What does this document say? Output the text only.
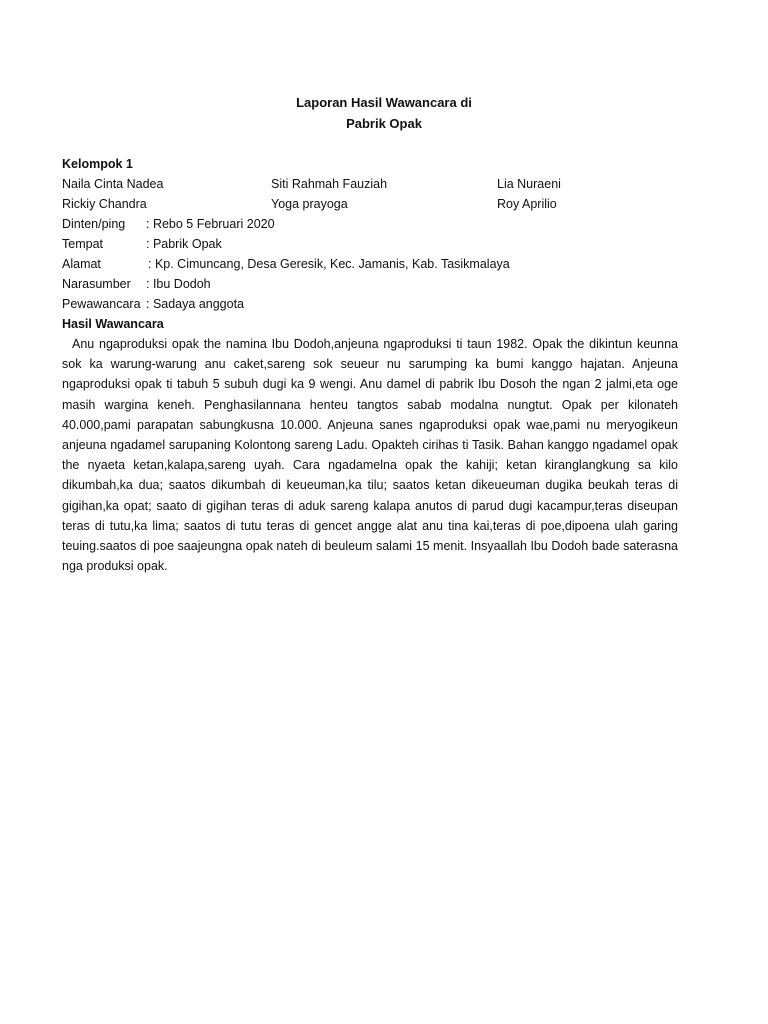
Laporan Hasil Wawancara di
Pabrik Opak
Kelompok 1
Naila Cinta Nadea	Siti Rahmah Fauziah	Lia Nuraeni
Rickiy Chandra	Yoga prayoga	Roy Aprilio
Dinten/ping : Rebo 5 Februari 2020
Tempat	: Pabrik Opak
Alamat	: Kp. Cimuncang, Desa Geresik, Kec. Jamanis, Kab. Tasikmalaya
Narasumber : Ibu Dodoh
Pewawancara : Sadaya anggota
Hasil Wawancara
Anu ngaproduksi opak the namina Ibu Dodoh,anjeuna ngaproduksi ti taun 1982. Opak the dikintun keunna sok ka warung-warung anu caket,sareng sok seueur nu sarumping ka bumi kanggo hajatan. Anjeuna ngaproduksi opak ti tabuh 5 subuh dugi ka 9 wengi. Anu damel di pabrik Ibu Dosoh the ngan 2 jalmi,eta oge masih wargina keneh. Penghasilannana henteu tangtos sabab modalna nungtut. Opak per kilonateh 40.000,pami parapatan sabungkusna 10.000. Anjeuna sanes ngaproduksi opak wae,pami nu meryogikeun anjeuna ngadamel sarupaning Kolontong sareng Ladu. Opakteh cirihas ti Tasik. Bahan kanggo ngadamel opak the nyaeta ketan,kalapa,sareng uyah. Cara ngadamelna opak the kahiji; ketan kiranglangkung sa kilo dikumbah,ka dua; saatos dikumbah di keueuman,ka tilu; saatos ketan dikeueuman dugika beukah teras di gigihan,ka opat; saato di gigihan teras di aduk sareng kalapa anutos di parud dugi kacampur,teras diseupan teras di tutu,ka lima; saatos di tutu teras di gencet angge alat anu tina kai,teras di poe,dipoena ulah garing teuing.saatos di poe saajeungna opak nateh di beuleum salami 15 menit. Insyaallah Ibu Dodoh bade saterasna nga produksi opak.
